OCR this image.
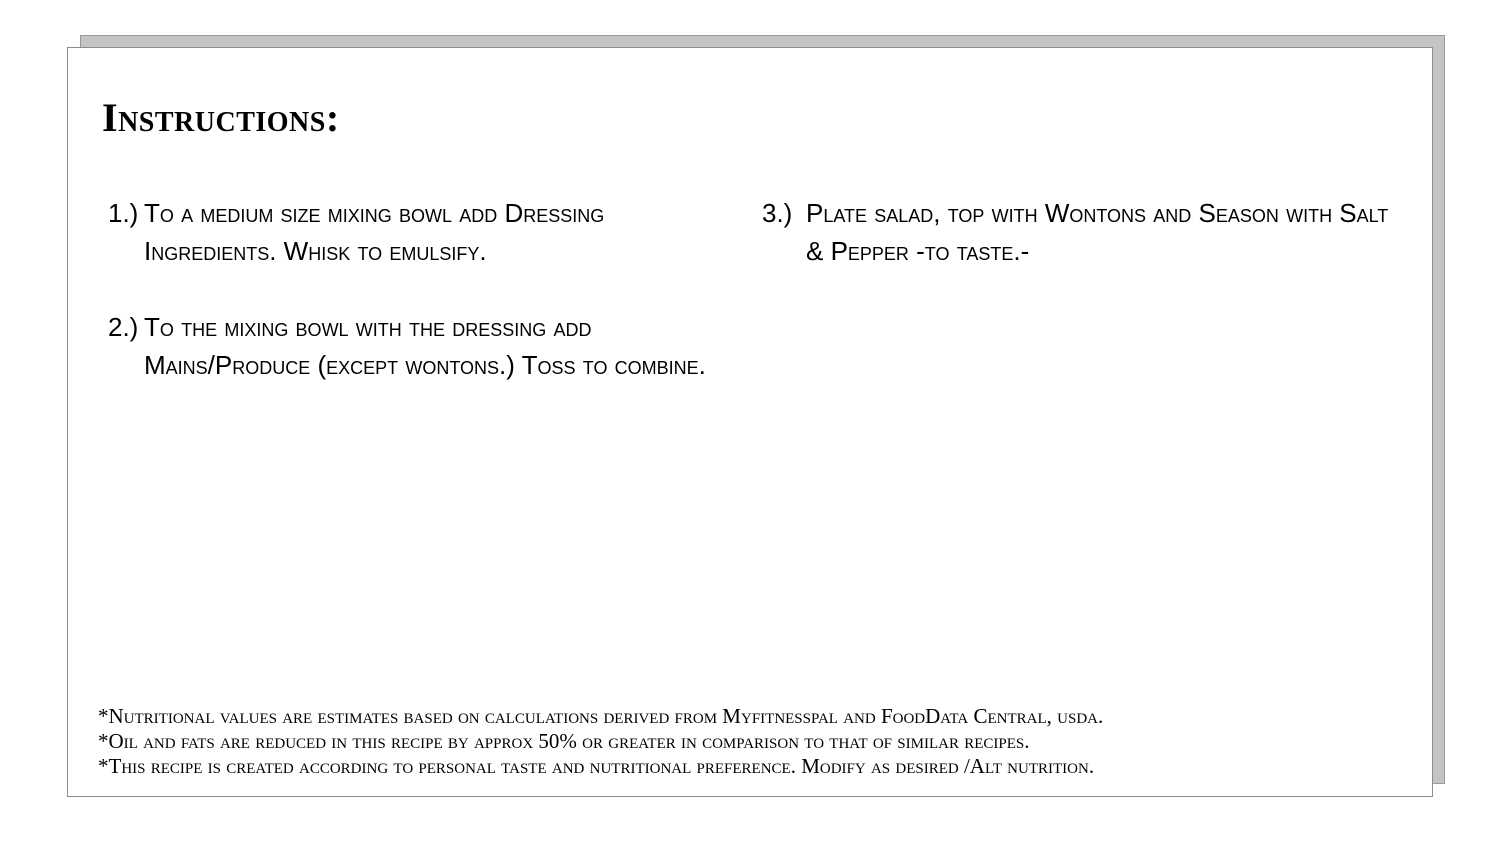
Instructions:
1.) To a medium size mixing bowl add Dressing Ingredients. Whisk to emulsify.
2.) To the mixing bowl with the dressing add Mains/Produce (except wontons.) Toss to combine.
3.) Plate salad, top with Wontons and Season with Salt & Pepper -to taste.-
*Nutritional values are estimates based on calculations derived from Myfitnesspal and FoodData Central, usda.
*Oil and fats are reduced in this recipe by approx 50% or greater in comparison to that of similar recipes.
*This recipe is created according to personal taste and nutritional preference. Modify as desired /Alt nutrition.
